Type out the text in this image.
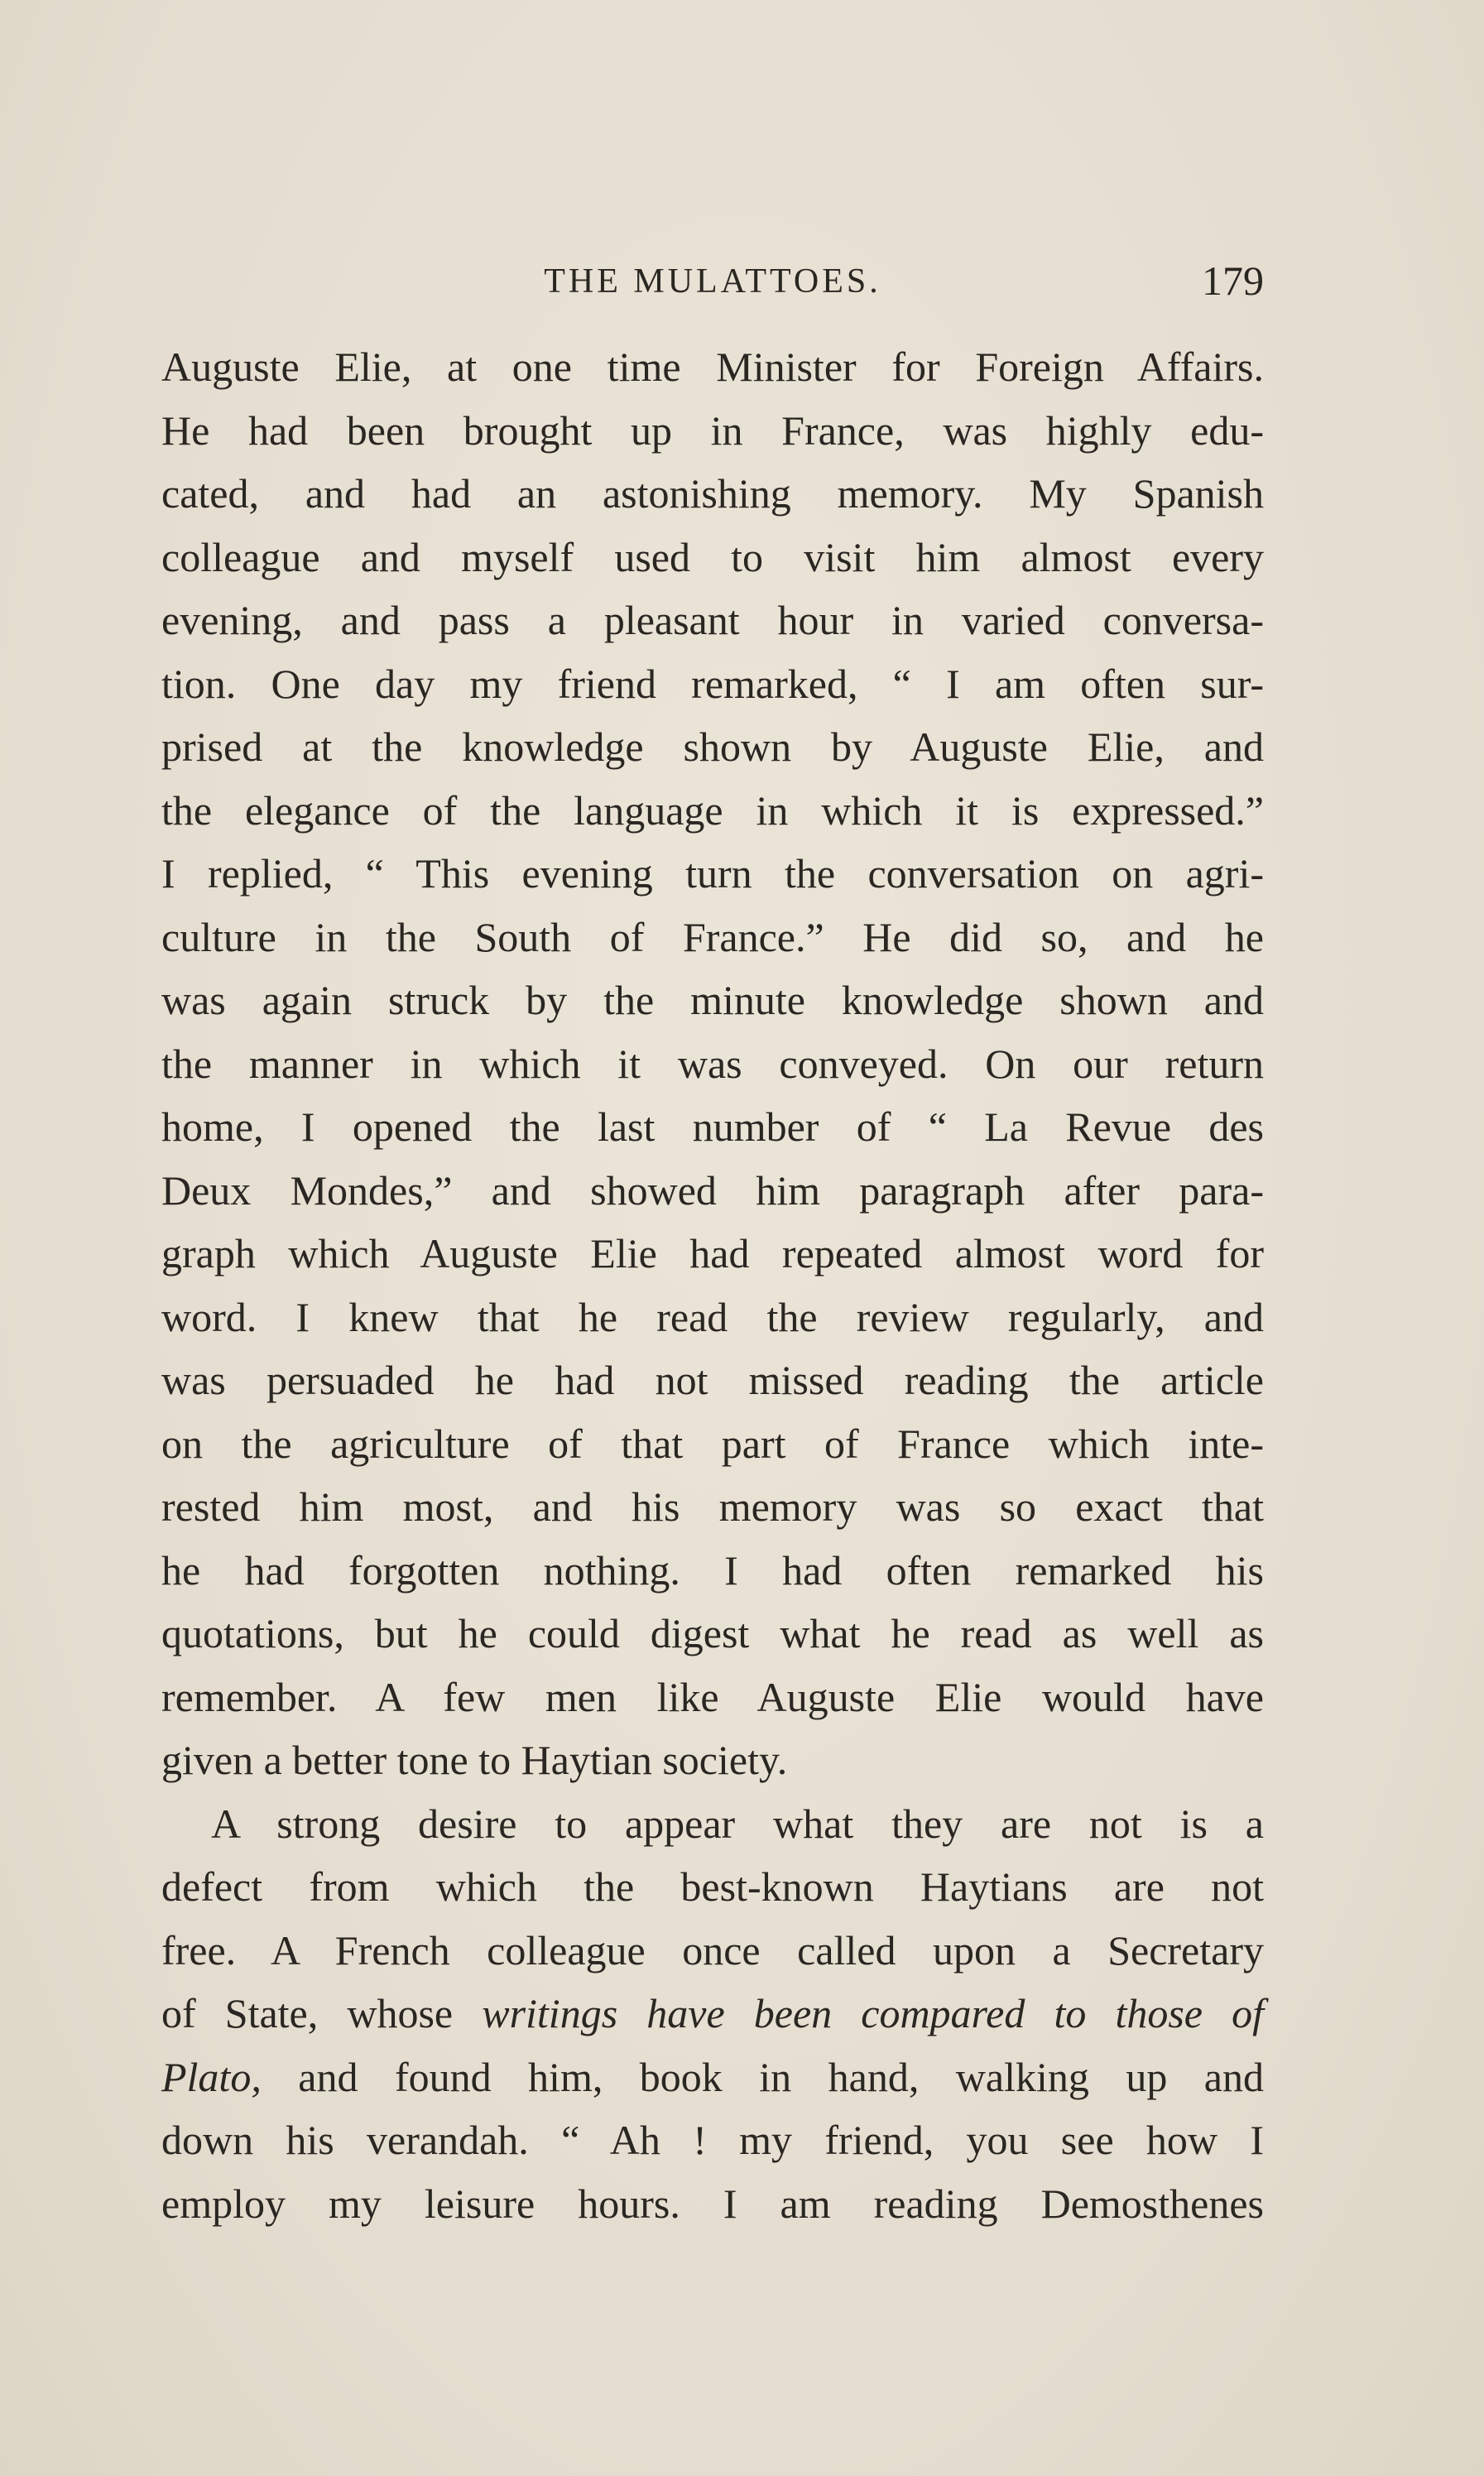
THE MULATTOES.	179
Auguste Elie, at one time Minister for Foreign Affairs.
He had been brought up in France, was highly edu-
cated, and had an astonishing memory. My Spanish
colleague and myself used to visit him almost every
evening, and pass a pleasant hour in varied conversa-
tion. One day my friend remarked, “ I am often sur-
prised at the knowledge shown by Auguste Elie, and
the elegance of the language in which it is expressed.”
I replied, “ This evening turn the conversation on agri-
culture in the South of France.” He did so, and he
was again struck by the minute knowledge shown and
the manner in which it was conveyed. On our return
home, I opened the last number of “ La Revue des
Deux Mondes,” and showed him paragraph after para-
graph which Auguste Elie had repeated almost word for
word. I knew that he read the review regularly, and
was persuaded he had not missed reading the article
on the agriculture of that part of France which inte-
rested him most, and his memory was so exact that
he had forgotten nothing. I had often remarked his
quotations, but he could digest what he read as well as
remember. A few men like Auguste Elie would have
given a better tone to Haytian society.
A strong desire to appear what they are not is a
defect from which the best-known Haytians are not
free. A French colleague once called upon a Secretary
of State, whose writings have been compared to those of
Plato, and found him, book in hand, walking up and
down his verandah. “ Ah ! my friend, you see how I
employ my leisure hours. I am reading Demosthenes
